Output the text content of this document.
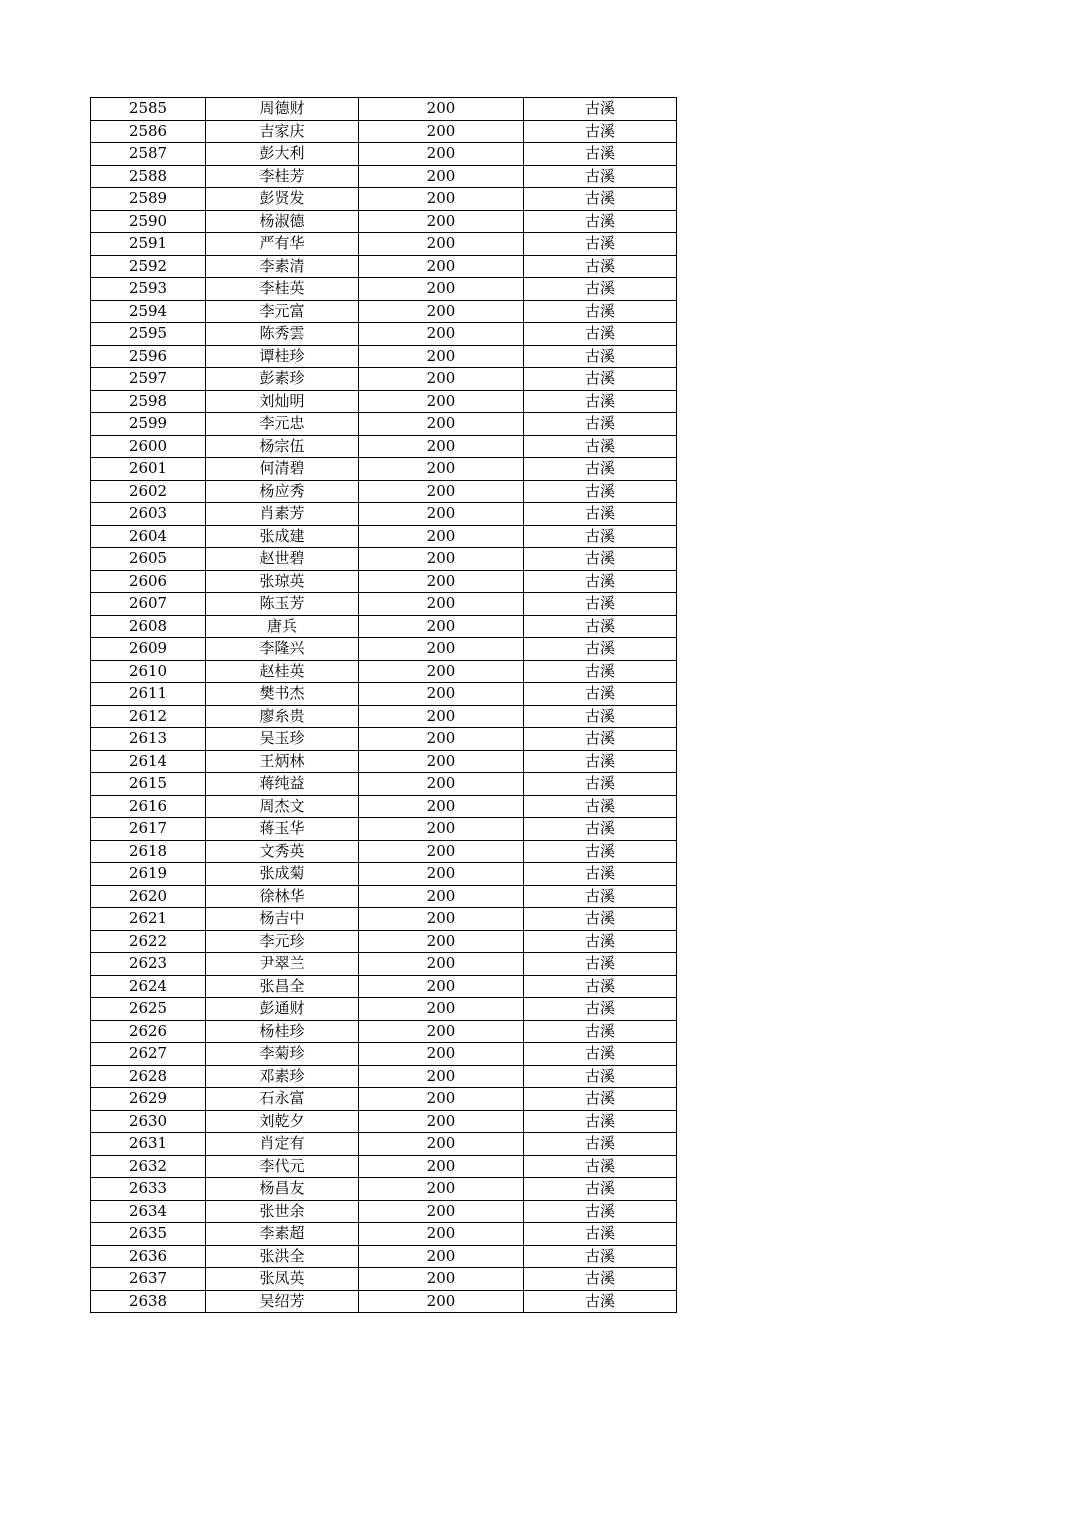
2585	周德财	200	古溪
2586	吉家庆	200	古溪
2587	彭大利	200	古溪
2588	李桂芳	200	古溪
2589	彭贤发	200	古溪
2590	杨淑德	200	古溪
2591	严有华	200	古溪
2592	李素清	200	古溪
2593	李桂英	200	古溪
2594	李元富	200	古溪
2595	陈秀雲	200	古溪
2596	谭桂珍	200	古溪
2597	彭素珍	200	古溪
2598	刘灿明	200	古溪
2599	李元忠	200	古溪
2600	杨宗伍	200	古溪
2601	何清碧	200	古溪
2602	杨应秀	200	古溪
2603	肖素芳	200	古溪
2604	张成建	200	古溪
2605	赵世碧	200	古溪
2606	张琼英	200	古溪
2607	陈玉芳	200	古溪
2608	唐兵	200	古溪
2609	李隆兴	200	古溪
2610	赵桂英	200	古溪
2611	樊书杰	200	古溪
2612	廖糸贵	200	古溪
2613	吴玉珍	200	古溪
2614	王炳林	200	古溪
2615	蒋纯益	200	古溪
2616	周杰文	200	古溪
2617	蒋玉华	200	古溪
2618	文秀英	200	古溪
2619	张成菊	200	古溪
2620	徐林华	200	古溪
2621	杨吉中	200	古溪
2622	李元珍	200	古溪
2623	尹翠兰	200	古溪
2624	张昌全	200	古溪
2625	彭通财	200	古溪
2626	杨桂珍	200	古溪
2627	李菊珍	200	古溪
2628	邓素珍	200	古溪
2629	石永富	200	古溪
2630	刘乾夕	200	古溪
2631	肖定有	200	古溪
2632	李代元	200	古溪
2633	杨昌友	200	古溪
2634	张世余	200	古溪
2635	李素超	200	古溪
2636	张洪全	200	古溪
2637	张凤英	200	古溪
2638	吴绍芳	200	古溪
